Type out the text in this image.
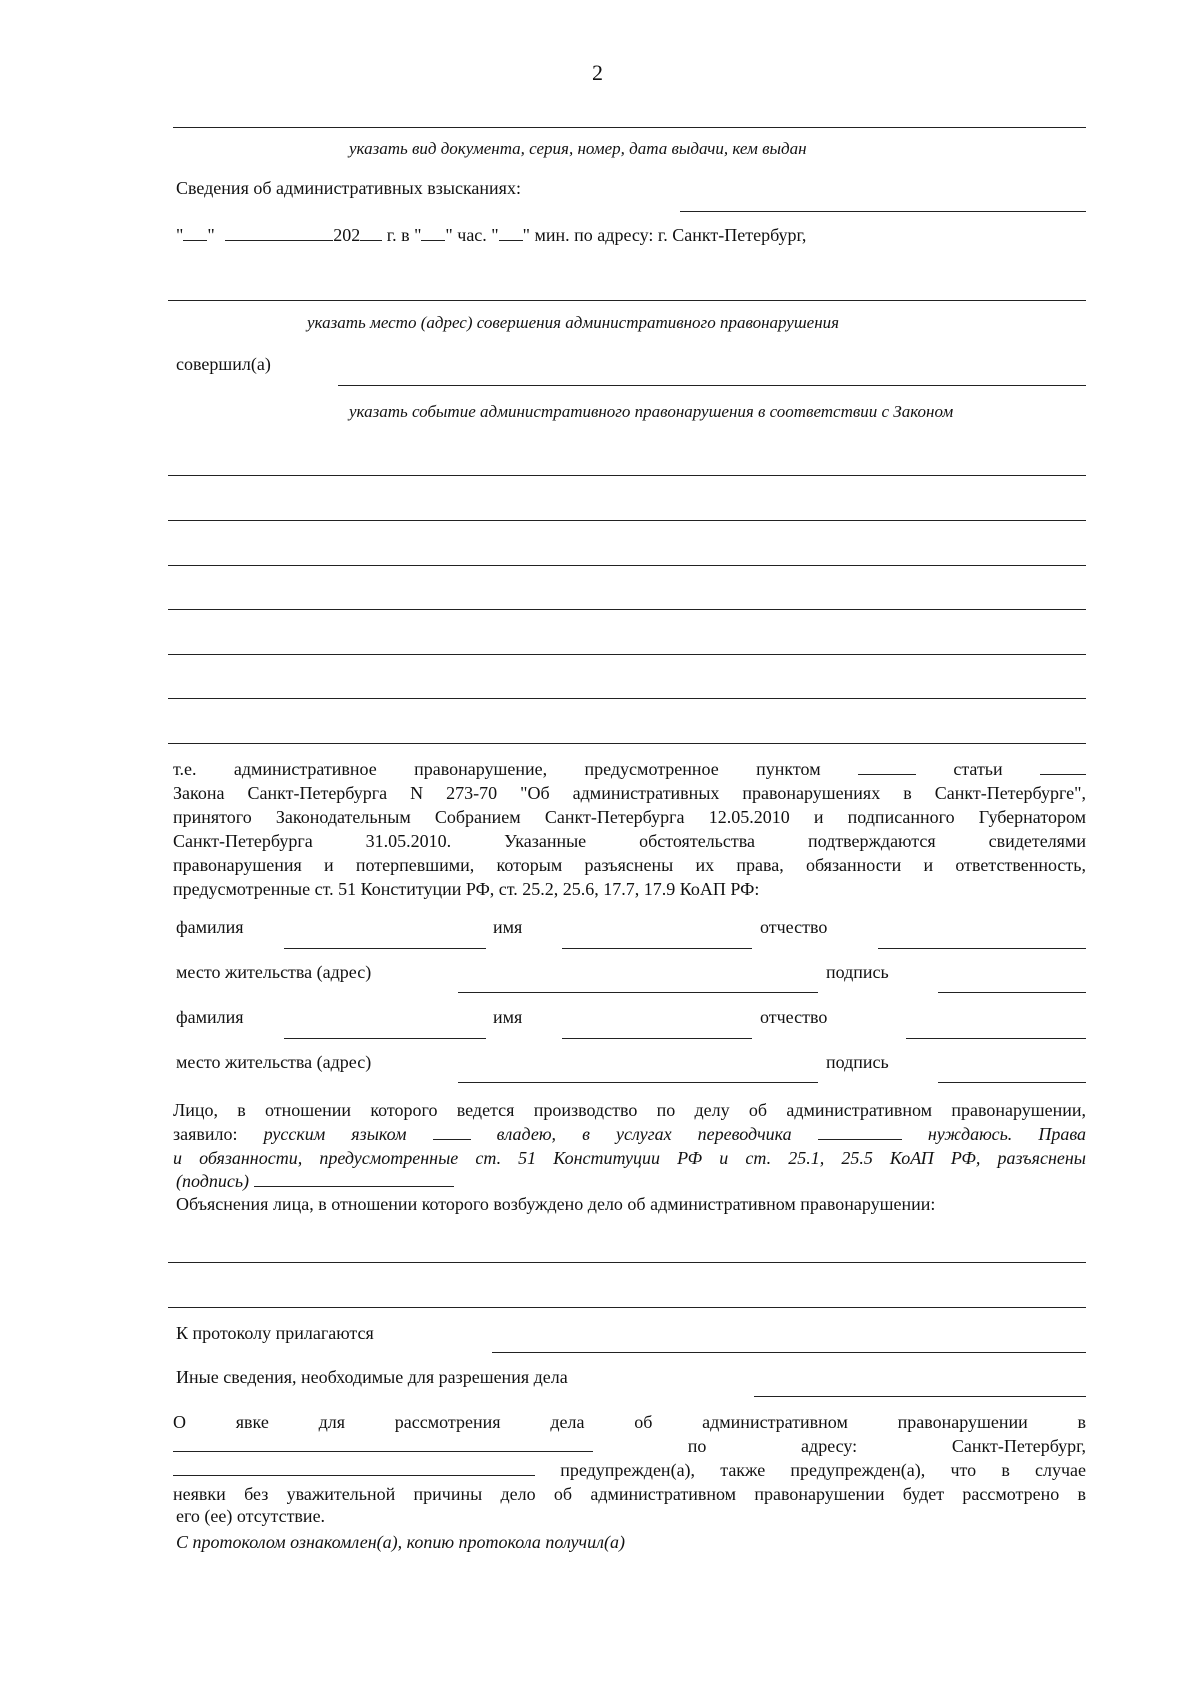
2
указать вид документа, серия, номер, дата выдачи, кем выдан
Сведения об административных взысканиях:
" "	202 г. в " " час. " " мин. по адресу: г. Санкт-Петербург,
указать место (адрес) совершения административного правонарушения
совершил(а)
указать событие административного правонарушения в соответствии с Законом
т.е. административное правонарушение, предусмотренное пунктом	статьи
Закона Санкт-Петербурга N 273-70 "Об административных правонарушениях в Санкт-Петербурге",
принятого Законодательным Собранием Санкт-Петербурга 12.05.2010 и подписанного Губернатором
Санкт-Петербурга	31.05.2010.	Указанные	обстоятельства	подтверждаются	свидетелями
правонарушения и потерпевшими, которым разъяснены их права, обязанности и ответственность,
предусмотренные ст. 51 Конституции РФ, ст. 25.2, 25.6, 17.7, 17.9 КоАП РФ:
фамилия	имя	отчество
место жительства (адрес)	подпись
фамилия	имя	отчество
место жительства (адрес)	подпись
Лицо, в отношении которого ведется производство по делу об административном правонарушении,
заявило: русским языком	владею, в услугах переводчика	нуждаюсь. Права
и обязанности, предусмотренные ст. 51 Конституции РФ и ст. 25.1, 25.5 КоАП РФ, разъяснены
(подпись)
Объяснения лица, в отношении которого возбуждено дело об административном правонарушении:
К протоколу прилагаются
Иные сведения, необходимые для разрешения дела
О	явке	для	рассмотрения	дела	об	административном	правонарушении	в
по	адресу:	Санкт-Петербург,
предупрежден(а), также предупрежден(а), что в случае
неявки без уважительной причины дело об административном правонарушении будет рассмотрено в
его (ее) отсутствие.
С протоколом ознакомлен(а), копию протокола получил(а)
